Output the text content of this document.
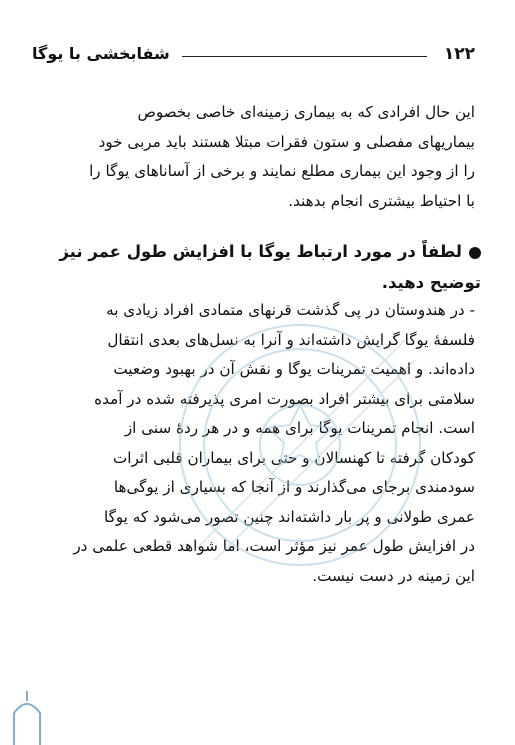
۱۲۲
شفابخشی با یوگا
این حال افرادی که به بیماری زمینه‌ای خاصی بخصوص
بیماریهای مفصلی و ستون فقرات مبتلا هستند باید مربی خود
را از وجود این بیماری مطلع نمایند و برخی از آساناهای یوگا را
با احتیاط بیشتری انجام بدهند.
لطفاً در مورد ارتباط یوگا با افزایش طول عمر نیز
توضیح دهید.
- در هندوستان در پی گذشت قرنهای متمادی افراد زیادی به
فلسفهٔ یوگا گرایش داشته‌اند و آنرا به نسل‌های بعدی انتقال
داده‌اند. و اهمیت تمرینات یوگا و نقش آن در بهبود وضعیت
سلامتی برای بیشتر افراد بصورت امری پذیرفته شده در آمده
است. انجام تمرینات یوگا برای همه و در هر ردهٔ سنی از
کودکان گرفته تا کهنسالان و حتی برای بیماران قلبی اثرات
سودمندی برجای می‌گذارند و از آنجا که بسیاری از یوگی‌ها
عمری طولانی و پر بار داشته‌اند چنین تصور می‌شود که یوگا
در افزایش طول عمر نیز مؤثر است، اما شواهد قطعی علمی در
این زمینه در دست نیست.
